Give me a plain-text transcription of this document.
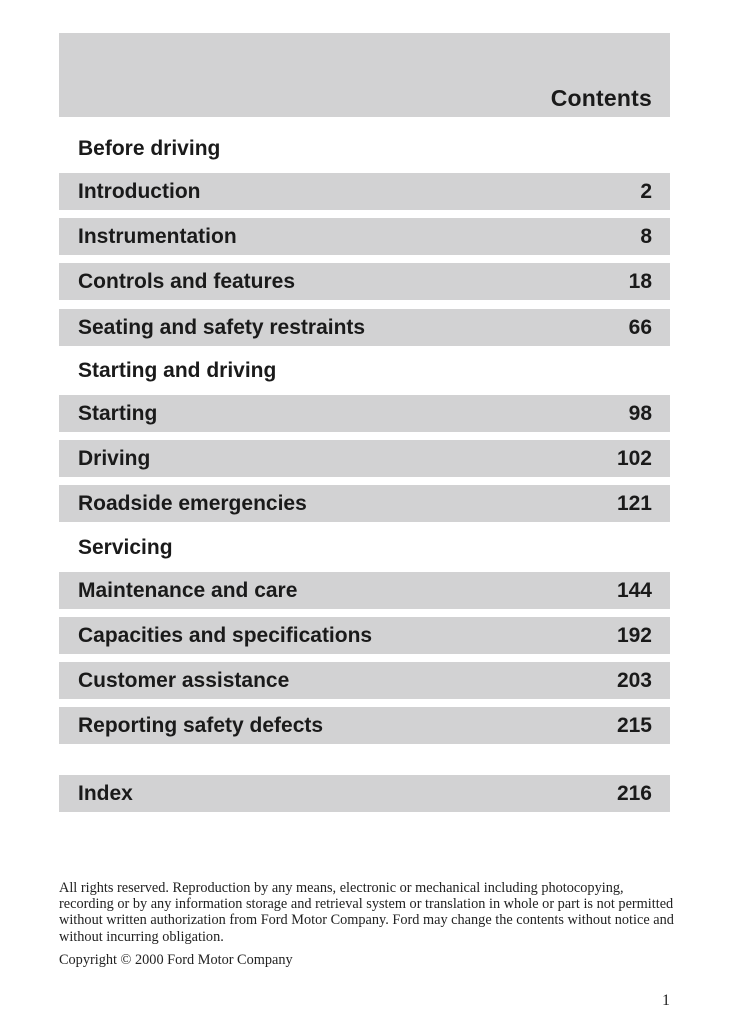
Contents
Before driving
Introduction	2
Instrumentation	8
Controls and features	18
Seating and safety restraints	66
Starting and driving
Starting	98
Driving	102
Roadside emergencies	121
Servicing
Maintenance and care	144
Capacities and specifications	192
Customer assistance	203
Reporting safety defects	215
Index	216
All rights reserved. Reproduction by any means, electronic or mechanical including photocopying, recording or by any information storage and retrieval system or translation in whole or part is not permitted without written authorization from Ford Motor Company. Ford may change the contents without notice and without incurring obligation.
Copyright © 2000 Ford Motor Company
1
